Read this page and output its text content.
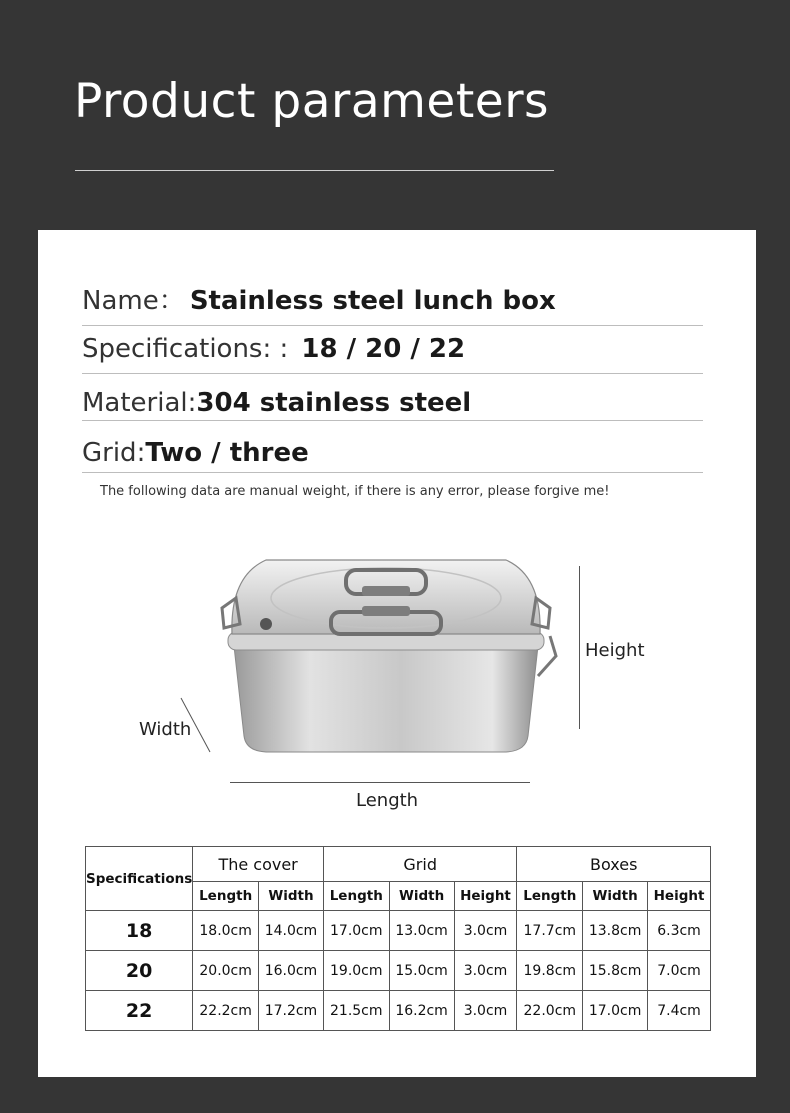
Product parameters
Name： Stainless steel lunch box
Specifications: : 18 / 20 / 22
Material:304 stainless steel
Grid:Two / three
The following data are manual weight, if there is any error, please forgive me!
Height
Width
Length
Specifications	The cover		Grid			Boxes		
	Length	Width	Length	Width	Height	Length	Width	Height
18	18.0cm	14.0cm	17.0cm	13.0cm	3.0cm	17.7cm	13.8cm	6.3cm
20	20.0cm	16.0cm	19.0cm	15.0cm	3.0cm	19.8cm	15.8cm	7.0cm
22	22.2cm	17.2cm	21.5cm	16.2cm	3.0cm	22.0cm	17.0cm	7.4cm
